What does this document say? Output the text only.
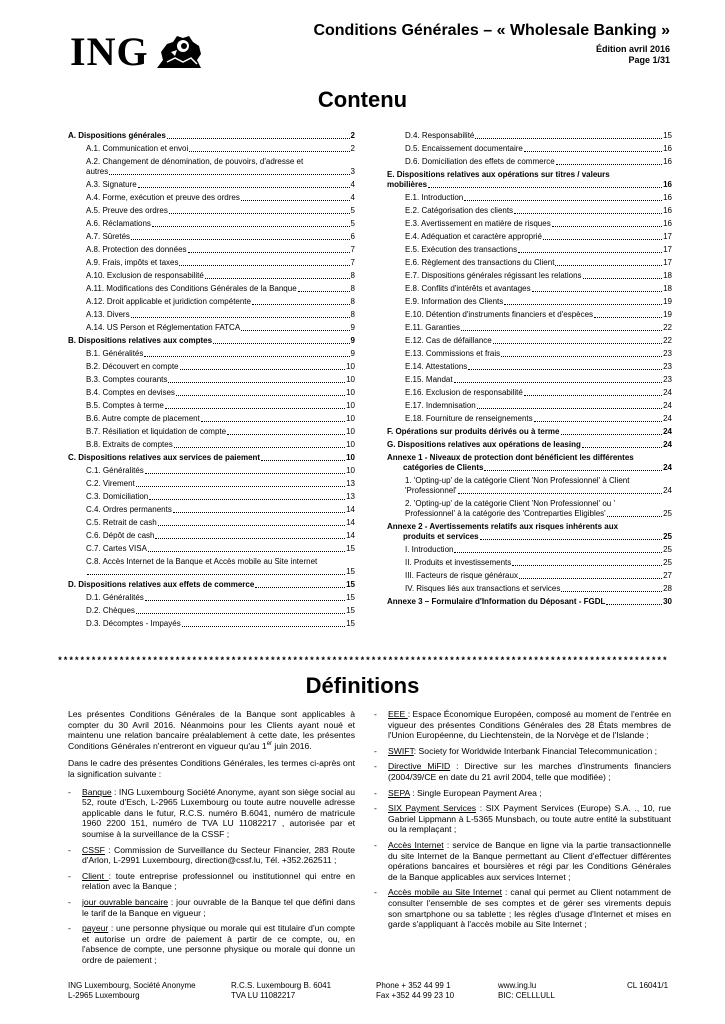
ING	Conditions Générales – « Wholesale Banking »
Édition avril 2016
Page 1/31
Contenu
A. Dispositions générales	2
A.1. Communication et envoi	2
A.2. Changement de dénomination, de pouvoirs, d'adresse et
autres	3
A.3. Signature	4
A.4. Forme, exécution et preuve des ordres	4
A.5. Preuve des ordres	5
A.6. Réclamations	5
A.7. Sûretés	6
A.8. Protection des données	7
A.9. Frais, impôts et taxes	7
A.10. Exclusion de responsabilité	8
A.11. Modifications des Conditions Générales de la Banque	8
A.12. Droit applicable et juridiction compétente	8
A.13. Divers	8
A.14. US Person et Réglementation FATCA	9
B. Dispositions relatives aux comptes	9
B.1. Généralités	9
B.2. Découvert en compte	10
B.3. Comptes courants	10
B.4. Comptes en devises	10
B.5. Comptes à terme	10
B.6. Autre compte de placement	10
B.7. Résiliation et liquidation de compte	10
B.8. Extraits de comptes	10
C. Dispositions relatives aux services de paiement	10
C.1. Généralités	10
C.2. Virement	13
C.3. Domiciliation	13
C.4. Ordres permanents	14
C.5. Retrait de cash	14
C.6. Dépôt de cash	14
C.7. Cartes VISA	15
C.8. Accès Internet de la Banque et Accès mobile au Site internet
15
D. Dispositions relatives aux effets de commerce	15
D.1. Généralités	15
D.2. Chèques	15
D.3. Décomptes - Impayés	15
D.4. Responsabilité	15
D.5. Encaissement documentaire	16
D.6. Domiciliation des effets de commerce	16
E. Dispositions relatives aux opérations sur titres / valeurs
mobilières	16
E.1. Introduction	16
E.2. Catégorisation des clients	16
E.3. Avertissement en matière de risques	16
E.4. Adéquation et caractère approprié	17
E.5. Exécution des transactions	17
E.6. Règlement des transactions du Client	17
E.7. Dispositions générales régissant les relations	18
E.8. Conflits d'intérêts et avantages	18
E.9. Information des Clients	19
E.10. Détention d'instruments financiers et d'espèces	19
E.11. Garanties	22
E.12. Cas de défaillance	22
E.13. Commissions et frais	23
E.14. Attestations	23
E.15. Mandat	23
E.16. Exclusion de responsabilité	24
E.17. Indemnisation	24
E.18. Fourniture de renseignements	24
F. Opérations sur produits dérivés ou à terme	24
G. Dispositions relatives aux opérations de leasing	24
Annexe 1 - Niveaux de protection dont bénéficient les différentes
catégories de Clients	24
1. 'Opting-up' de la catégorie Client 'Non Professionnel' à Client
'Professionnel'	24
2. 'Opting-up' de la catégorie Client 'Non Professionnel' ou '
Professionnel' à la catégorie des 'Contreparties Eligibles'	25
Annexe 2 - Avertissements relatifs aux risques inhérents aux
produits et services	25
I. Introduction	25
II. Produits et investissements	25
III. Facteurs de risque généraux	27
IV. Risques liés aux transactions et services	28
Annexe 3 – Formulaire d'Information du Déposant - FGDL	30
*************************************************************************************************************
Définitions
Les présentes Conditions Générales de la Banque sont applicables à compter du 30 Avril 2016. Néanmoins pour les Clients ayant noué et maintenu une relation bancaire préalablement à cette date, les présentes Conditions Générales n'entreront en vigueur qu'au 1er juin 2016.
Dans le cadre des présentes Conditions Générales, les termes ci-après ont la signification suivante :
-	Banque : ING Luxembourg Société Anonyme, ayant son siège social au 52, route d'Esch, L-2965 Luxembourg ou toute autre nouvelle adresse applicable dans le futur, R.C.S. numéro B.6041, numéro de matricule 1960 2200 151, numéro de TVA LU 11082217 , autorisée par et soumise à la surveillance de la CSSF ;
-	CSSF : Commission de Surveillance du Secteur Financier, 283 Route d'Arlon, L-2991 Luxembourg, direction@cssf.lu, Tél. +352.262511 ;
-	Client : toute entreprise professionnel ou institutionnel qui entre en relation avec la Banque ;
-	jour ouvrable bancaire : jour ouvrable de la Banque tel que défini dans le tarif de la Banque en vigueur ;
-	payeur : une personne physique ou morale qui est titulaire d'un compte et autorise un ordre de paiement à partir de ce compte, ou, en l'absence de compte, une personne physique ou morale qui donne un ordre de paiement ;
-	EEE : Espace Économique Européen, composé au moment de l'entrée en vigueur des présentes Conditions Générales des 28 États membres de l'Union Européenne, du Liechtenstein, de la Norvège et de l'Islande ;
-	SWIFT: Society for Worldwide Interbank Financial Telecommunication ;
-	Directive MiFID : Directive sur les marches d'instruments financiers (2004/39/CE en date du 21 avril 2004, telle que modifiée) ;
-	SEPA : Single European Payment Area ;
-	SIX Payment Services : SIX Payment Services (Europe) S.A. ., 10, rue Gabriel Lippmann à L-5365 Munsbach, ou toute autre entité la substituant ou la remplaçant ;
-	Accès Internet : service de Banque en ligne via la partie transactionnelle du site Internet de la Banque permettant au Client d'effectuer différentes opérations bancaires et boursières et régi par les Conditions Générales de la Banque applicables aux services Internet ;
-	Accès mobile au Site Internet : canal qui permet au Client notamment de consulter l'ensemble de ses comptes et de gérer ses virements depuis son smartphone ou sa tablette ; les règles d'usage d'Internet et mises en garde s'appliquant à l'accès mobile au Site Internet ;
ING Luxembourg, Société Anonyme
L-2965 Luxembourg
R.C.S. Luxembourg B. 6041
TVA LU 11082217
Phone + 352 44 99 1
Fax +352 44 99 23 10
www.ing.lu
BIC: CELLLULL
CL 16041/1
